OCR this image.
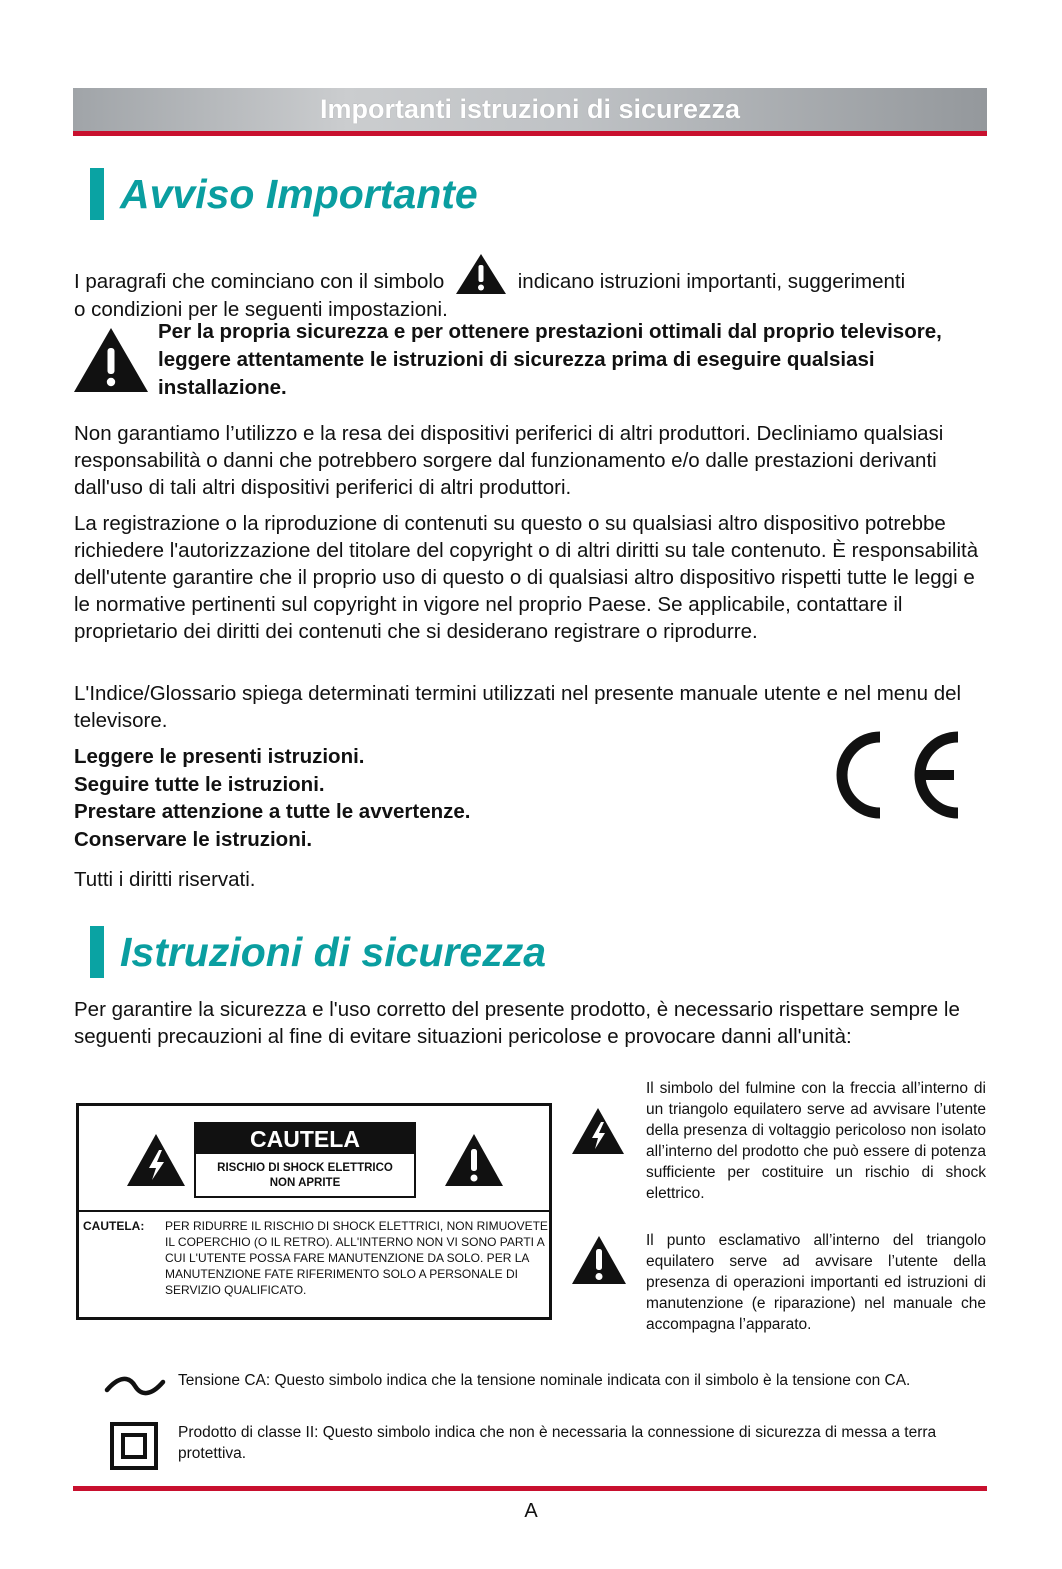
Importanti istruzioni di sicurezza
Avviso Importante

I paragrafi che cominciano con il simbolo	indicano istruzioni importanti, suggerimenti
o condizioni per le seguenti impostazioni.

Per la propria sicurezza e per ottenere prestazioni ottimali dal proprio televisore, leggere attentamente le istruzioni di sicurezza prima di eseguire qualsiasi installazione.

Non garantiamo l’utilizzo e la resa dei dispositivi periferici di altri produttori. Decliniamo qualsiasi responsabilità o danni che potrebbero sorgere dal funzionamento e/o dalle prestazioni derivanti dall'uso di tali altri dispositivi periferici di altri produttori.

La registrazione o la riproduzione di contenuti su questo o su qualsiasi altro dispositivo potrebbe richiedere l'autorizzazione del titolare del copyright o di altri diritti su tale contenuto. È responsabilità dell'utente garantire che il proprio uso di questo o di qualsiasi altro dispositivo rispetti tutte le leggi e le normative pertinenti sul copyright in vigore nel proprio Paese. Se applicabile, contattare il proprietario dei diritti dei contenuti che si desiderano registrare o riprodurre.

L'Indice/Glossario spiega determinati termini utilizzati nel presente manuale utente e nel menu del televisore.

Leggere le presenti istruzioni.
Seguire tutte le istruzioni.
Prestare attenzione a tutte le avvertenze.
Conservare le istruzioni.

Tutti i diritti riservati.

Istruzioni di sicurezza

Per garantire la sicurezza e l'uso corretto del presente prodotto, è necessario rispettare sempre le seguenti precauzioni al fine di evitare situazioni pericolose e provocare danni all'unità:

CAUTELA
RISCHIO DI SHOCK ELETTRICO
NON APRITE
CAUTELA: PER RIDURRE IL RISCHIO DI SHOCK ELETTRICI, NON RIMUOVETE IL COPERCHIO (O IL RETRO). ALL'INTERNO NON VI SONO PARTI A CUI L'UTENTE POSSA FARE MANUTENZIONE DA SOLO. PER LA MANUTENZIONE FATE RIFERIMENTO SOLO A PERSONALE DI SERVIZIO QUALIFICATO.

Il simbolo del fulmine con la freccia all’interno di un triangolo equilatero serve ad avvisare l’utente della presenza di voltaggio pericoloso non isolato all’interno del prodotto che può essere di potenza sufficiente per costituire un rischio di shock elettrico.

Il punto esclamativo all’interno del triangolo equilatero serve ad avvisare l’utente della presenza di operazioni importanti ed istruzioni di manutenzione (e riparazione) nel manuale che accompagna l’apparato.

Tensione CA: Questo simbolo indica che la tensione nominale indicata con il simbolo è la tensione con CA.

Prodotto di classe II: Questo simbolo indica che non è necessaria la connessione di sicurezza di messa a terra protettiva.

A
